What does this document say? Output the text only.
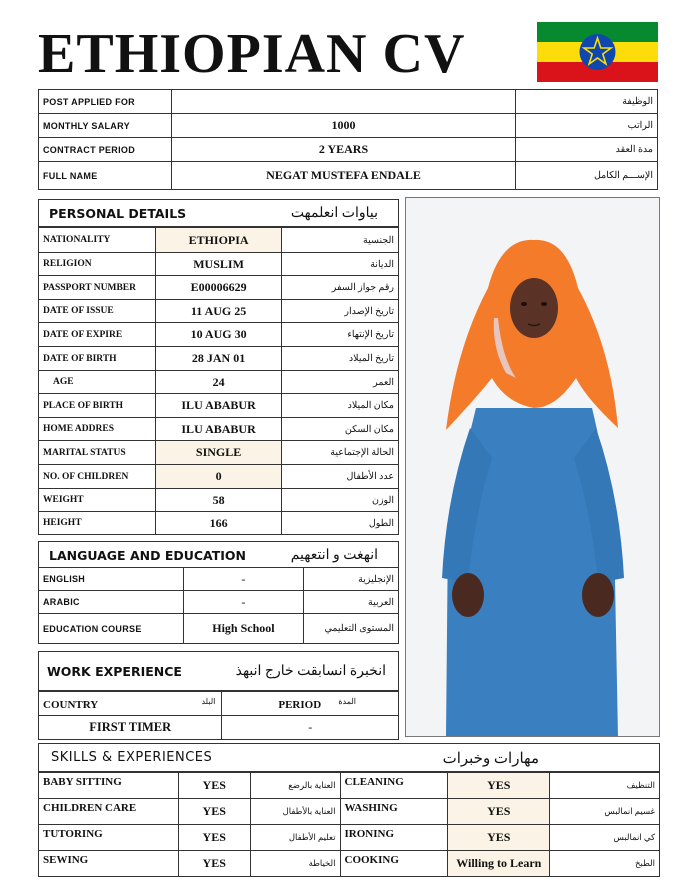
ETHIOPIAN CV
POST APPLIED FOR		الوظيفة
MONTHLY SALARY	1000	الراتب
CONTRACT PERIOD	2 YEARS	مدة العقد
FULL NAME	NEGAT MUSTEFA ENDALE	الإســـم الكامل
PERSONAL DETAILS	بياوات انعلمهت
NATIONALITY	ETHIOPIA	الجنسية
RELIGION	MUSLIM	الديانة
PASSPORT NUMBER	E00006629	رقم جواز السفر
DATE OF ISSUE	11 AUG 25	تاريخ الإصدار
DATE OF EXPIRE	10 AUG 30	تاريخ الإنتهاء
DATE OF BIRTH	28 JAN 01	تاريخ الميلاد
AGE	24	العمر
PLACE OF BIRTH	ILU ABABUR	مكان الميلاد
HOME ADDRES	ILU ABABUR	مكان السكن
MARITAL STATUS	SINGLE	الحالة الإجتماعية
NO. OF CHILDREN	0	عدد الأطفال
WEIGHT	58	الوزن
HEIGHT	166	الطول
LANGUAGE AND EDUCATION	انهغت و انتعهيم
ENGLISH	-	الإنجليزية
ARABIC	-	العربية
EDUCATION COURSE	High School	المستوى التعليمي
WORK EXPERIENCE	انخبرة انسابقت خارج انبهذ
COUNTRY البلد	PERIOD المدة

FIRST TIMER	-
SKILLS & EXPERIENCES	مهارات وخبرات
BABY SITTING	YES	العناية بالرضع	CLEANING	YES	التنظيف
CHILDREN CARE	YES	العناية بالأطفال	WASHING	YES	غسيم انمالبس
TUTORING	YES	تعليم الأطفال	IRONING	YES	كي انمالبس
SEWING	YES	الخياطة	COOKING	Willing to Learn	الطبخ
